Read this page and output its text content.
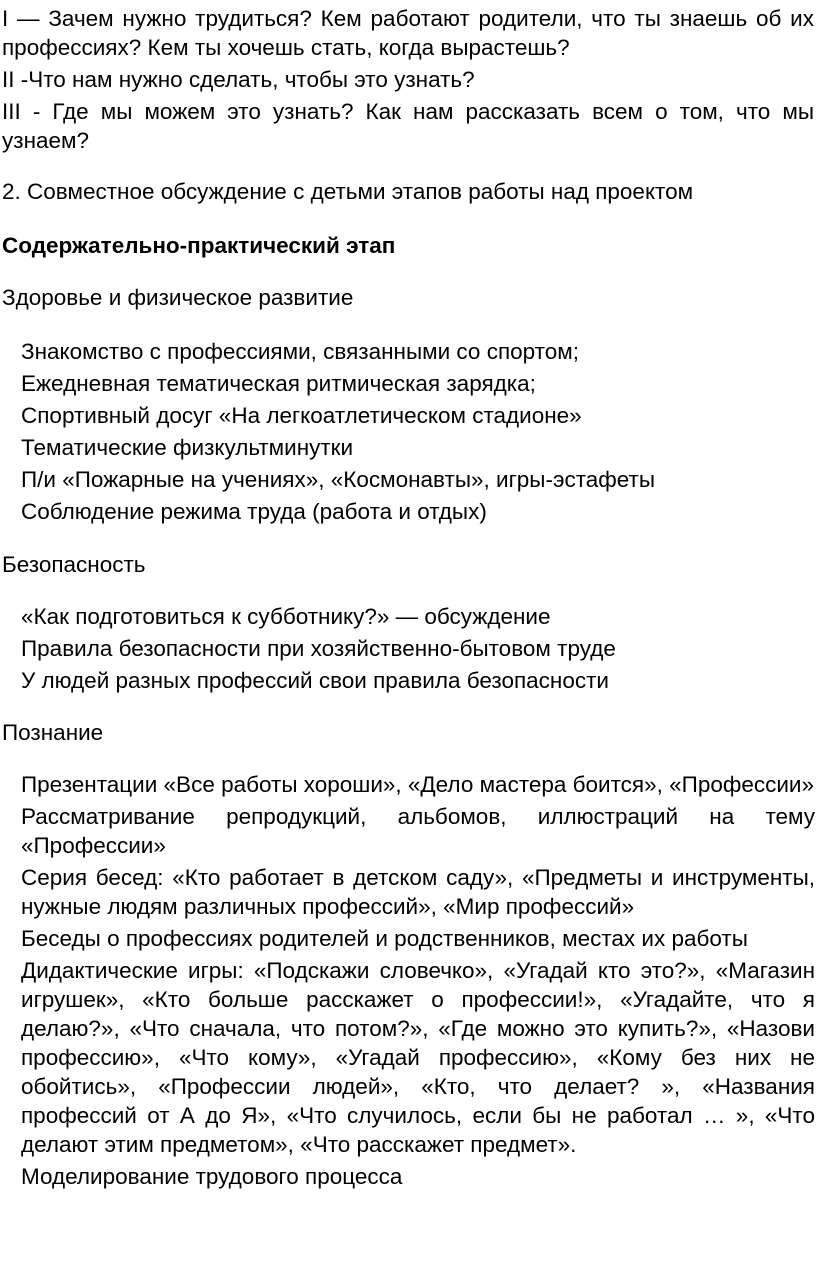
I — Зачем нужно трудиться? Кем работают родители, что ты знаешь об их профессиях? Кем ты хочешь стать, когда вырастешь?

II -Что нам нужно сделать, чтобы это узнать?

III - Где мы можем это узнать? Как нам рассказать всем о том, что мы узнаем?

2. Совместное обсуждение с детьми этапов работы над проектом
Содержательно-практический этап
Здоровье и физическое развитие
Знакомство с профессиями, связанными со спортом;
Ежедневная тематическая ритмическая зарядка;
Спортивный досуг «На легкоатлетическом стадионе»
Тематические физкультминутки
П/и «Пожарные на учениях», «Космонавты», игры-эстафеты
Соблюдение режима труда (работа и отдых)
Безопасность
«Как подготовиться к субботнику?» — обсуждение
Правила безопасности при хозяйственно-бытовом труде
У людей разных профессий свои правила безопасности
Познание

Презентации «Все работы хороши», «Дело мастера боится», «Профессии»

Рассматривание репродукций, альбомов, иллюстраций на тему «Профессии»

Серия бесед: «Кто работает в детском саду», «Предметы и инструменты, нужные людям различных профессий», «Мир профессий»

Беседы о профессиях родителей и родственников, местах их работы

Дидактические игры: «Подскажи словечко», «Угадай кто это?», «Магазин игрушек», «Кто больше расскажет о профессии!», «Угадайте, что я делаю?», «Что сначала, что потом?», «Где можно это купить?», «Назови профессию», «Что кому», «Угадай профессию», «Кому без них не обойтись», «Профессии людей», «Кто, что делает? », «Названия профессий от А до Я», «Что случилось, если бы не работал … », «Что делают этим предметом», «Что расскажет предмет».

Моделирование трудового процесса
